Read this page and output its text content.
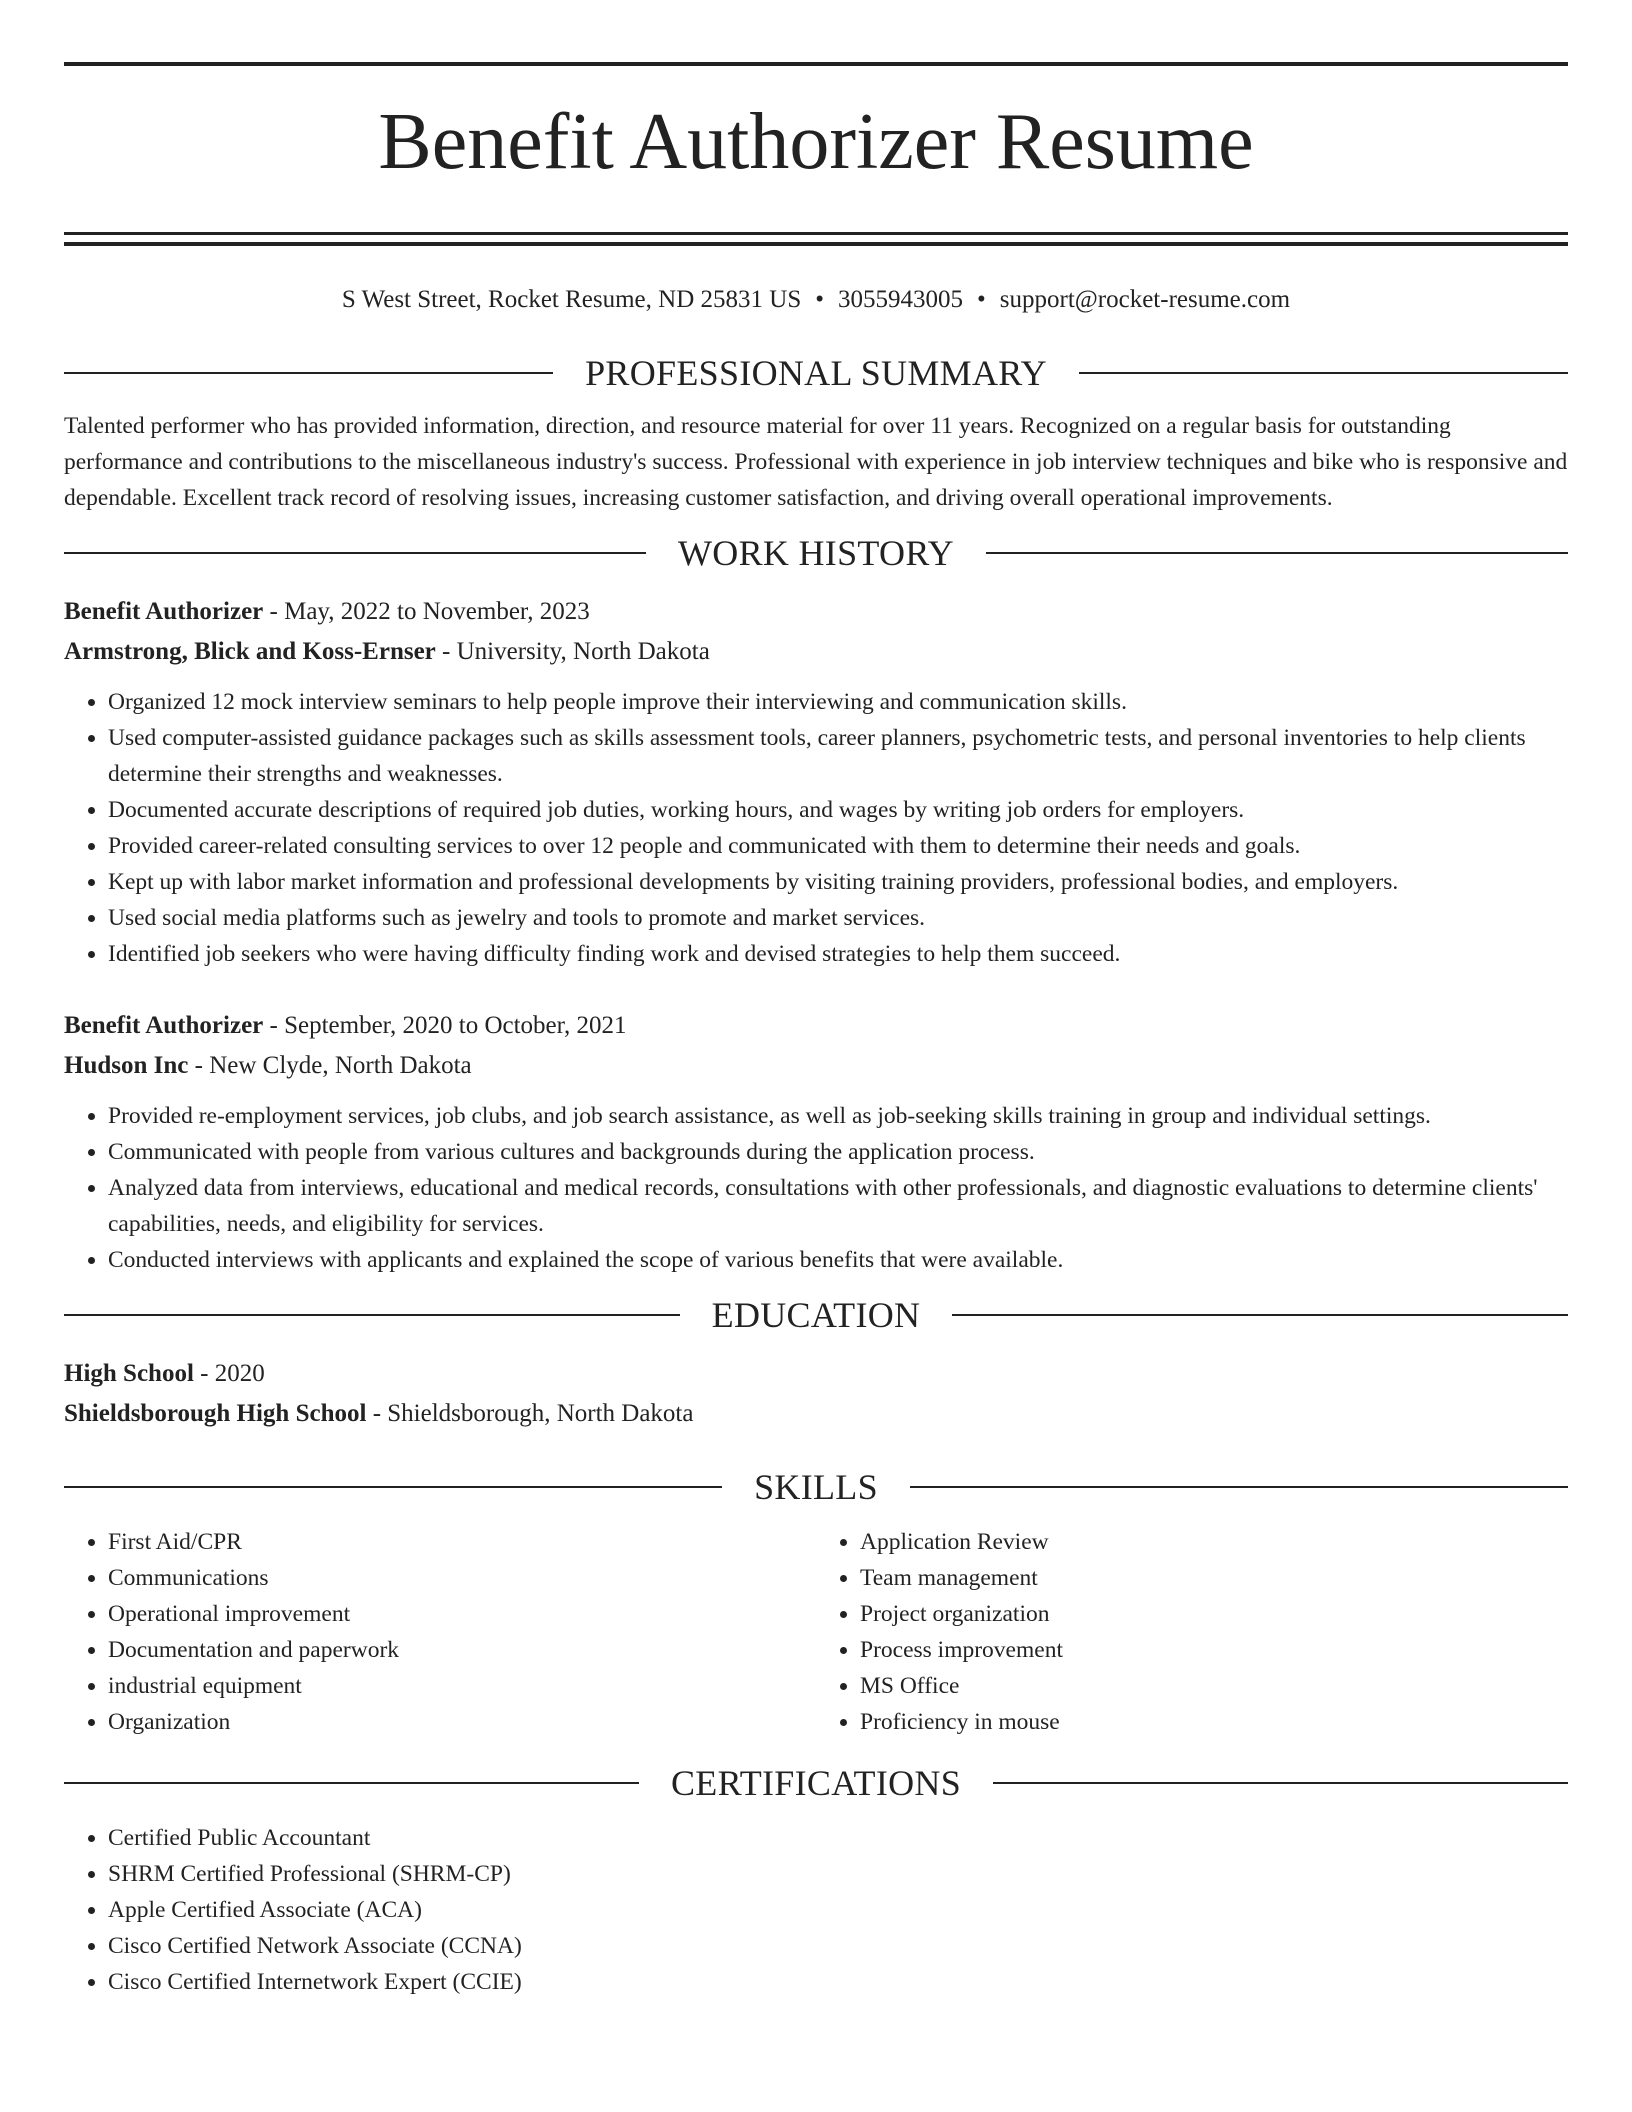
Benefit Authorizer Resume
S West Street, Rocket Resume, ND 25831 US • 3055943005 • support@rocket-resume.com
PROFESSIONAL SUMMARY

Talented performer who has provided information, direction, and resource material for over 11 years. Recognized on a regular basis for outstanding performance and contributions to the miscellaneous industry's success. Professional with experience in job interview techniques and bike who is responsive and dependable. Excellent track record of resolving issues, increasing customer satisfaction, and driving overall operational improvements.

WORK HISTORY
Benefit Authorizer - May, 2022 to November, 2023
Armstrong, Blick and Koss-Ernser - University, North Dakota
• Organized 12 mock interview seminars to help people improve their interviewing and communication skills.
• Used computer-assisted guidance packages such as skills assessment tools, career planners, psychometric tests, and personal inventories to help clients determine their strengths and weaknesses.
• Documented accurate descriptions of required job duties, working hours, and wages by writing job orders for employers.
• Provided career-related consulting services to over 12 people and communicated with them to determine their needs and goals.
• Kept up with labor market information and professional developments by visiting training providers, professional bodies, and employers.
• Used social media platforms such as jewelry and tools to promote and market services.
• Identified job seekers who were having difficulty finding work and devised strategies to help them succeed.
Benefit Authorizer - September, 2020 to October, 2021
Hudson Inc - New Clyde, North Dakota
• Provided re-employment services, job clubs, and job search assistance, as well as job-seeking skills training in group and individual settings.
• Communicated with people from various cultures and backgrounds during the application process.
• Analyzed data from interviews, educational and medical records, consultations with other professionals, and diagnostic evaluations to determine clients' capabilities, needs, and eligibility for services.
• Conducted interviews with applicants and explained the scope of various benefits that were available.
EDUCATION
High School - 2020
Shieldsborough High School - Shieldsborough, North Dakota
SKILLS
• First Aid/CPR
• Communications
• Operational improvement
• Documentation and paperwork
• industrial equipment
• Organization
• Application Review
• Team management
• Project organization
• Process improvement
• MS Office
• Proficiency in mouse
CERTIFICATIONS
• Certified Public Accountant
• SHRM Certified Professional (SHRM-CP)
• Apple Certified Associate (ACA)
• Cisco Certified Network Associate (CCNA)
• Cisco Certified Internetwork Expert (CCIE)
